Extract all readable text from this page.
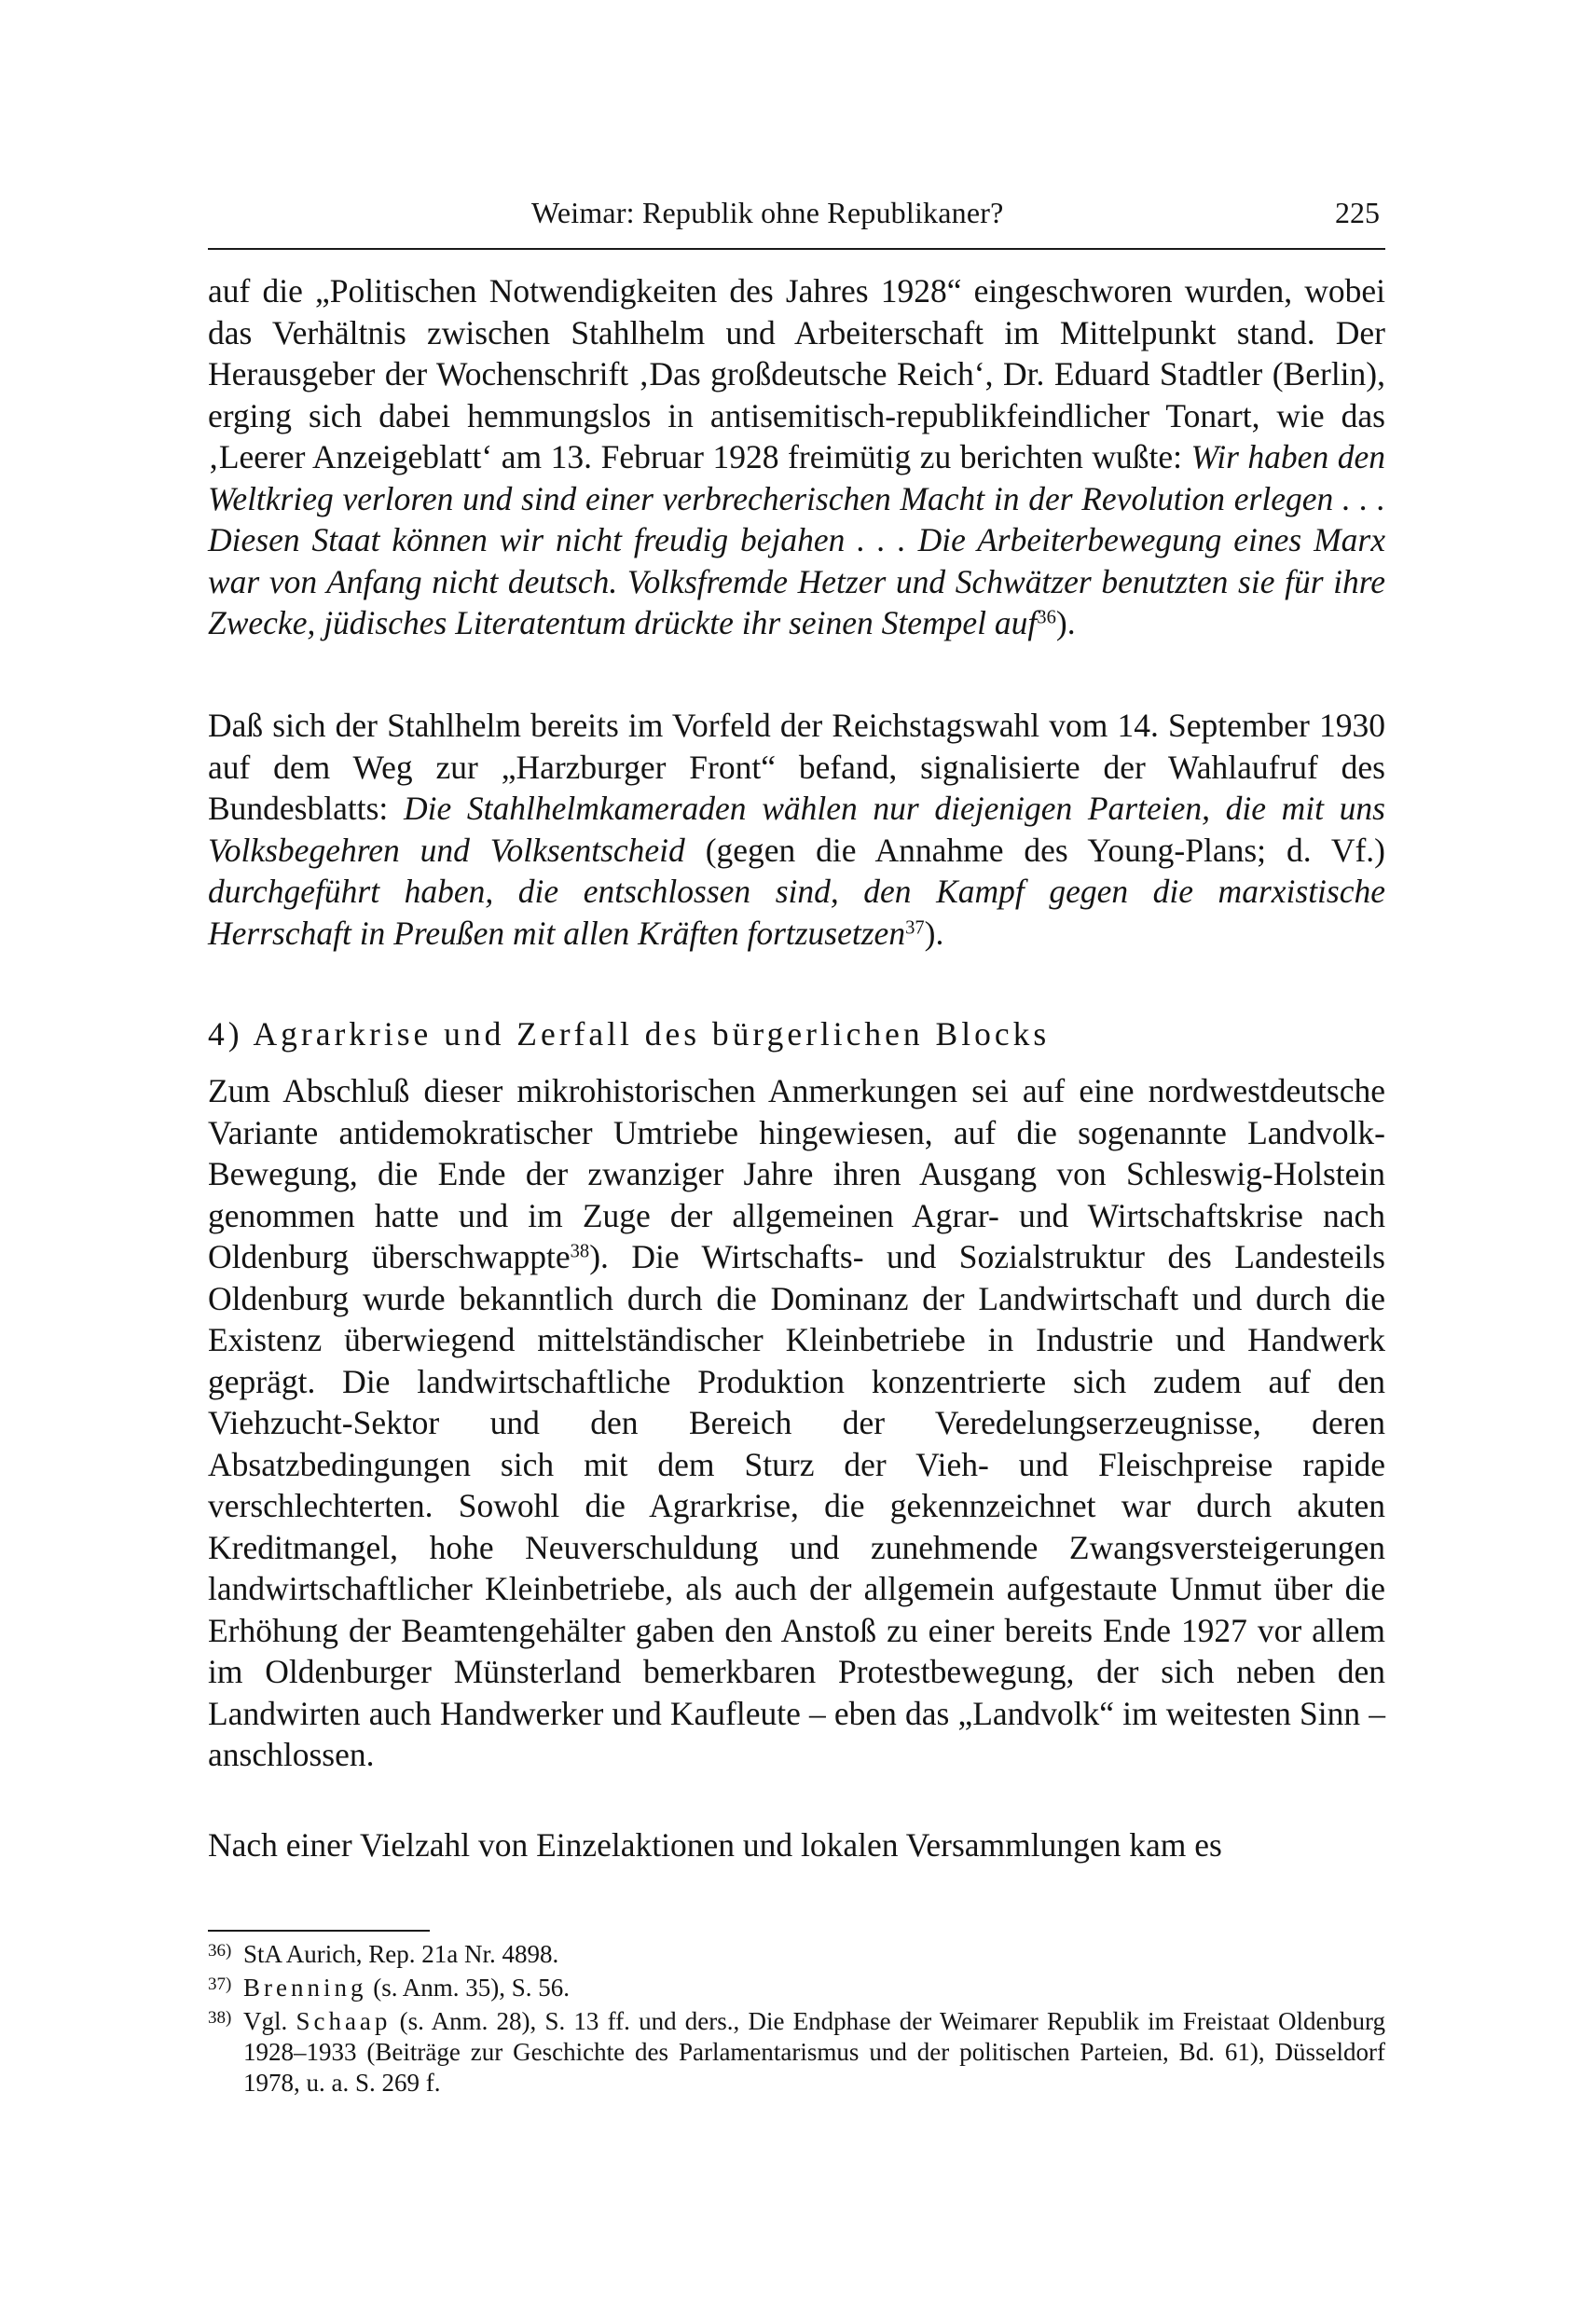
Weimar: Republik ohne Republikaner?	225

auf die „Politischen Notwendigkeiten des Jahres 1928“ eingeschworen wurden, wobei das Verhältnis zwischen Stahlhelm und Arbeiterschaft im Mittelpunkt stand. Der Herausgeber der Wochenschrift ‚Das großdeutsche Reich‘, Dr. Eduard Stadtler (Berlin), erging sich dabei hemmungslos in antisemitisch-republikfeindlicher Tonart, wie das ‚Leerer Anzeigeblatt‘ am 13. Februar 1928 freimütig zu berichten wußte: Wir haben den Weltkrieg verloren und sind einer verbrecherischen Macht in der Revolution erlegen . . . Diesen Staat können wir nicht freudig bejahen . . . Die Arbeiterbewegung eines Marx war von Anfang nicht deutsch. Volksfremde Hetzer und Schwätzer benutzten sie für ihre Zwecke, jüdisches Literatentum drückte ihr seinen Stempel auf$^{36}$).

Daß sich der Stahlhelm bereits im Vorfeld der Reichstagswahl vom 14. September 1930 auf dem Weg zur „Harzburger Front“ befand, signalisierte der Wahlaufruf des Bundesblatts: Die Stahlhelmkameraden wählen nur diejenigen Parteien, die mit uns Volksbegehren und Volksentscheid (gegen die Annahme des Young-Plans; d. Vf.) durchgeführt haben, die entschlossen sind, den Kampf gegen die marxistische Herrschaft in Preußen mit allen Kräften fortzusetzen$^{37}$).

4) Agrarkrise und Zerfall des bürgerlichen Blocks

Zum Abschluß dieser mikrohistorischen Anmerkungen sei auf eine nordwestdeutsche Variante antidemokratischer Umtriebe hingewiesen, auf die sogenannte Landvolk-Bewegung, die Ende der zwanziger Jahre ihren Ausgang von Schleswig-Holstein genommen hatte und im Zuge der allgemeinen Agrar- und Wirtschaftskrise nach Oldenburg überschwappte$^{38}$). Die Wirtschafts- und Sozialstruktur des Landesteils Oldenburg wurde bekanntlich durch die Dominanz der Landwirtschaft und durch die Existenz überwiegend mittelständischer Kleinbetriebe in Industrie und Handwerk geprägt. Die landwirtschaftliche Produktion konzentrierte sich zudem auf den Viehzucht-Sektor und den Bereich der Veredelungserzeugnisse, deren Absatzbedingungen sich mit dem Sturz der Vieh- und Fleischpreise rapide verschlechterten. Sowohl die Agrarkrise, die gekennzeichnet war durch akuten Kreditmangel, hohe Neuverschuldung und zunehmende Zwangsversteigerungen landwirtschaftlicher Kleinbetriebe, als auch der allgemein aufgestaute Unmut über die Erhöhung der Beamtengehälter gaben den Anstoß zu einer bereits Ende 1927 vor allem im Oldenburger Münsterland bemerkbaren Protestbewegung, der sich neben den Landwirten auch Handwerker und Kaufleute – eben das „Landvolk“ im weitesten Sinn – anschlossen.

Nach einer Vielzahl von Einzelaktionen und lokalen Versammlungen kam es

36) StA Aurich, Rep. 21a Nr. 4898.
37) Brenning (s. Anm. 35), S. 56.
38) Vgl. Schaap (s. Anm. 28), S. 13 ff. und ders., Die Endphase der Weimarer Republik im Freistaat Oldenburg 1928–1933 (Beiträge zur Geschichte des Parlamentarismus und der politischen Parteien, Bd. 61), Düsseldorf 1978, u. a. S. 269 f.
